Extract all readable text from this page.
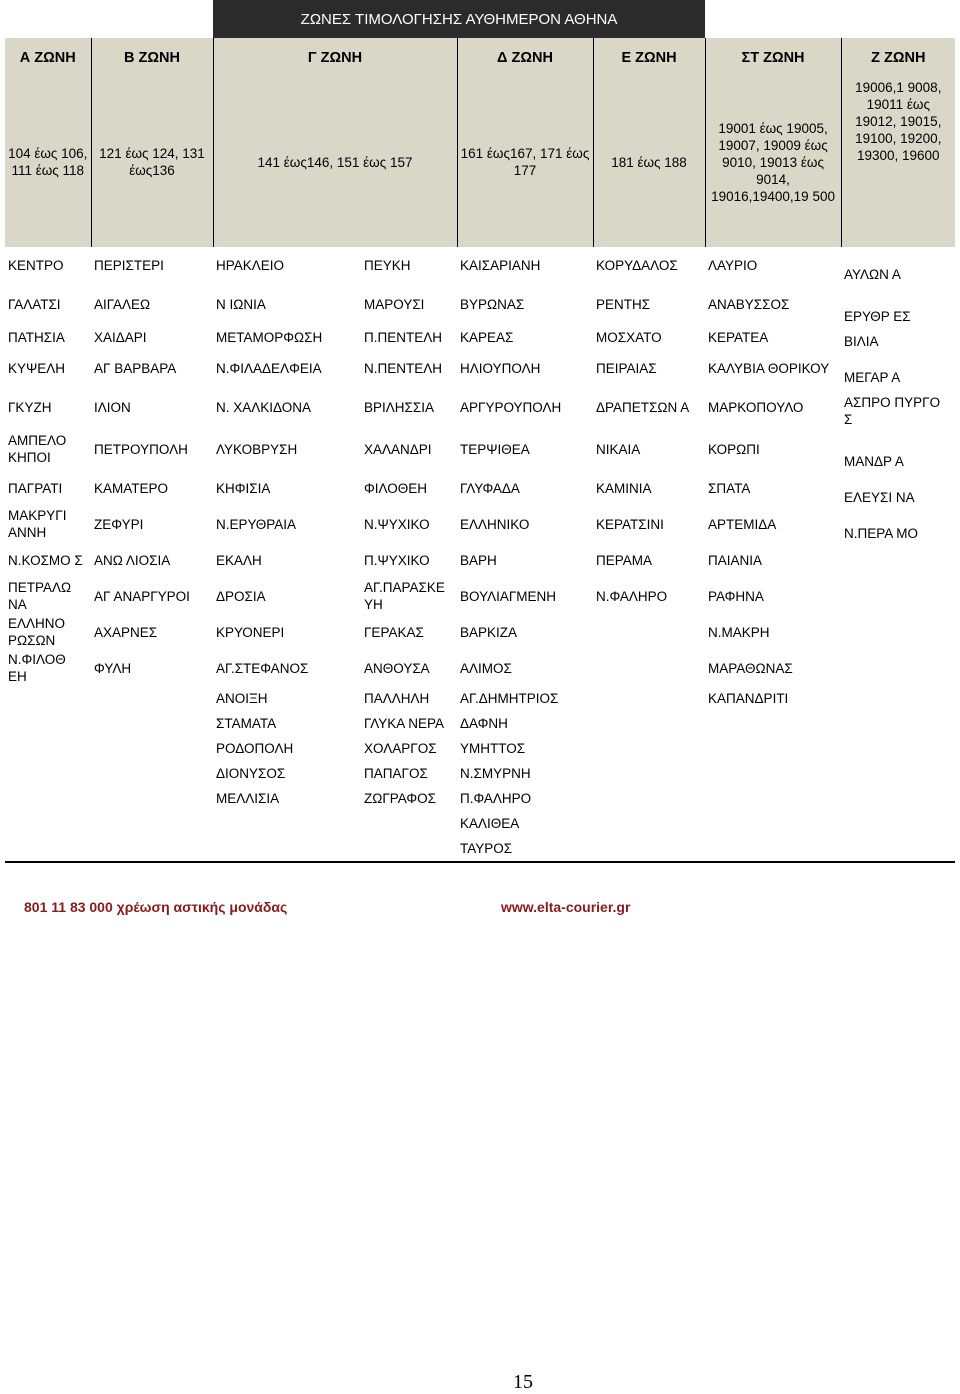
		ΖΩΝΕΣ ΤΙΜΟΛΟΓΗΣΗΣ ΑΥΘΗΜΕΡΟΝ ΑΘΗΝΑ					
Α ΖΩΝΗ	Β ΖΩΝΗ	Γ ΖΩΝΗ		Δ ΖΩΝΗ	Ε ΖΩΝΗ	ΣΤ ΖΩΝΗ	Ζ ΖΩΝΗ
104 έως 106, 111 έως 118	121 έως 124, 131 έως136	141 έως146, 151 έως 157		161 έως167, 171 έως 177	181 έως 188	19001 έως 19005, 19007, 19009 έως 9010, 19013 έως 9014, 19016,19400,19 500	19006,1 9008, 19011 έως 19012, 19015, 19100, 19200, 19300, 19600
ΚΕΝΤΡΟ	ΠΕΡΙΣΤΕΡΙ	ΗΡΑΚΛΕΙΟ	ΠΕΥΚΗ	ΚΑΙΣΑΡΙΑΝΗ	ΚΟΡΥΔΑΛΟΣ	ΛΑΥΡΙΟ	ΑΥΛΩΝ Α
ΓΑΛΑΤΣΙ	ΑΙΓΑΛΕΩ	Ν ΙΩΝΙΑ	ΜΑΡΟΥΣΙ	ΒΥΡΩΝΑΣ	ΡΕΝΤΗΣ	ΑΝΑΒΥΣΣΟΣ	ΕΡΥΘΡ ΕΣ
ΠΑΤΗΣΙΑ	ΧΑΙΔΑΡΙ	ΜΕΤΑΜΟΡΦΩΣΗ	Π.ΠΕΝΤΕΛΗ	ΚΑΡΕΑΣ	ΜΟΣΧΑΤΟ	ΚΕΡΑΤΕΑ	ΒΙΛΙΑ
ΚΥΨΕΛΗ	ΑΓ ΒΑΡΒΑΡΑ	Ν.ΦΙΛΑΔΕΛΦΕΙΑ	Ν.ΠΕΝΤΕΛΗ	ΗΛΙΟΥΠΟΛΗ	ΠΕΙΡΑΙΑΣ	ΚΑΛΥΒΙΑ ΘΟΡΙΚΟΥ	ΜΕΓΑΡ Α
ΓΚΥΖΗ	ΙΛΙΟΝ	Ν. ΧΑΛΚΙΔΟΝΑ	ΒΡΙΛΗΣΣΙΑ	ΑΡΓΥΡΟΥΠΟΛΗ	ΔΡΑΠΕΤΣΩΝ Α	ΜΑΡΚΟΠΟΥΛΟ	ΑΣΠΡΟ ΠΥΡΓΟ Σ
ΑΜΠΕΛΟ ΚΗΠΟΙ	ΠΕΤΡΟΥΠΟΛΗ	ΛΥΚΟΒΡΥΣΗ	ΧΑΛΑΝΔΡΙ	ΤΕΡΨΙΘΕΑ	ΝΙΚΑΙΑ	ΚΟΡΩΠΙ	ΜΑΝΔΡ Α
ΠΑΓΡΑΤΙ	ΚΑΜΑΤΕΡΟ	ΚΗΦΙΣΙΑ	ΦΙΛΟΘΕΗ	ΓΛΥΦΑΔΑ	ΚΑΜΙΝΙΑ	ΣΠΑΤΑ	ΕΛΕΥΣΙ ΝΑ
ΜΑΚΡΥΓΙ ΑΝΝΗ	ΖΕΦΥΡΙ	Ν.ΕΡΥΘΡΑΙΑ	Ν.ΨΥΧΙΚΟ	ΕΛΛΗΝΙΚΟ	ΚΕΡΑΤΣΙΝΙ	ΑΡΤΕΜΙΔΑ	Ν.ΠΕΡΑ ΜΟ
Ν.ΚΟΣΜΟ Σ	ΑΝΩ ΛΙΟΣΙΑ	ΕΚΑΛΗ	Π.ΨΥΧΙΚΟ	ΒΑΡΗ	ΠΕΡΑΜΑ	ΠΑΙΑΝΙΑ	
ΠΕΤΡΑΛΩ ΝΑ	ΑΓ ΑΝΑΡΓΥΡΟΙ	ΔΡΟΣΙΑ	ΑΓ.ΠΑΡΑΣΚΕ ΥΗ	ΒΟΥΛΙΑΓΜΕΝΗ	Ν.ΦΑΛΗΡΟ	ΡΑΦΗΝΑ	
ΕΛΛΗΝΟ ΡΩΣΩΝ	ΑΧΑΡΝΕΣ	ΚΡΥΟΝΕΡΙ	ΓΕΡΑΚΑΣ	ΒΑΡΚΙΖΑ		Ν.ΜΑΚΡΗ	
Ν.ΦΙΛΟΘ ΕΗ	ΦΥΛΗ	ΑΓ.ΣΤΕΦΑΝΟΣ	ΑΝΘΟΥΣΑ	ΑΛΙΜΟΣ		ΜΑΡΑΘΩΝΑΣ	
		ΑΝΟΙΞΗ	ΠΑΛΛΗΛΗ	ΑΓ.ΔΗΜΗΤΡΙΟΣ		ΚΑΠΑΝΔΡΙΤΙ	
		ΣΤΑΜΑΤΑ	ΓΛΥΚΑ ΝΕΡΑ	ΔΑΦΝΗ			
		ΡΟΔΟΠΟΛΗ	ΧΟΛΑΡΓΟΣ	ΥΜΗΤΤΟΣ			
		ΔΙΟΝΥΣΟΣ	ΠΑΠΑΓΟΣ	Ν.ΣΜΥΡΝΗ			
		ΜΕΛΛΙΣΙΑ	ΖΩΓΡΑΦΟΣ	Π.ΦΑΛΗΡΟ			
				ΚΑΛΙΘΕΑ			
				ΤΑΥΡΟΣ			
801 11 83 000 χρέωση αστικής μονάδας	www.elta-courier.gr
15
